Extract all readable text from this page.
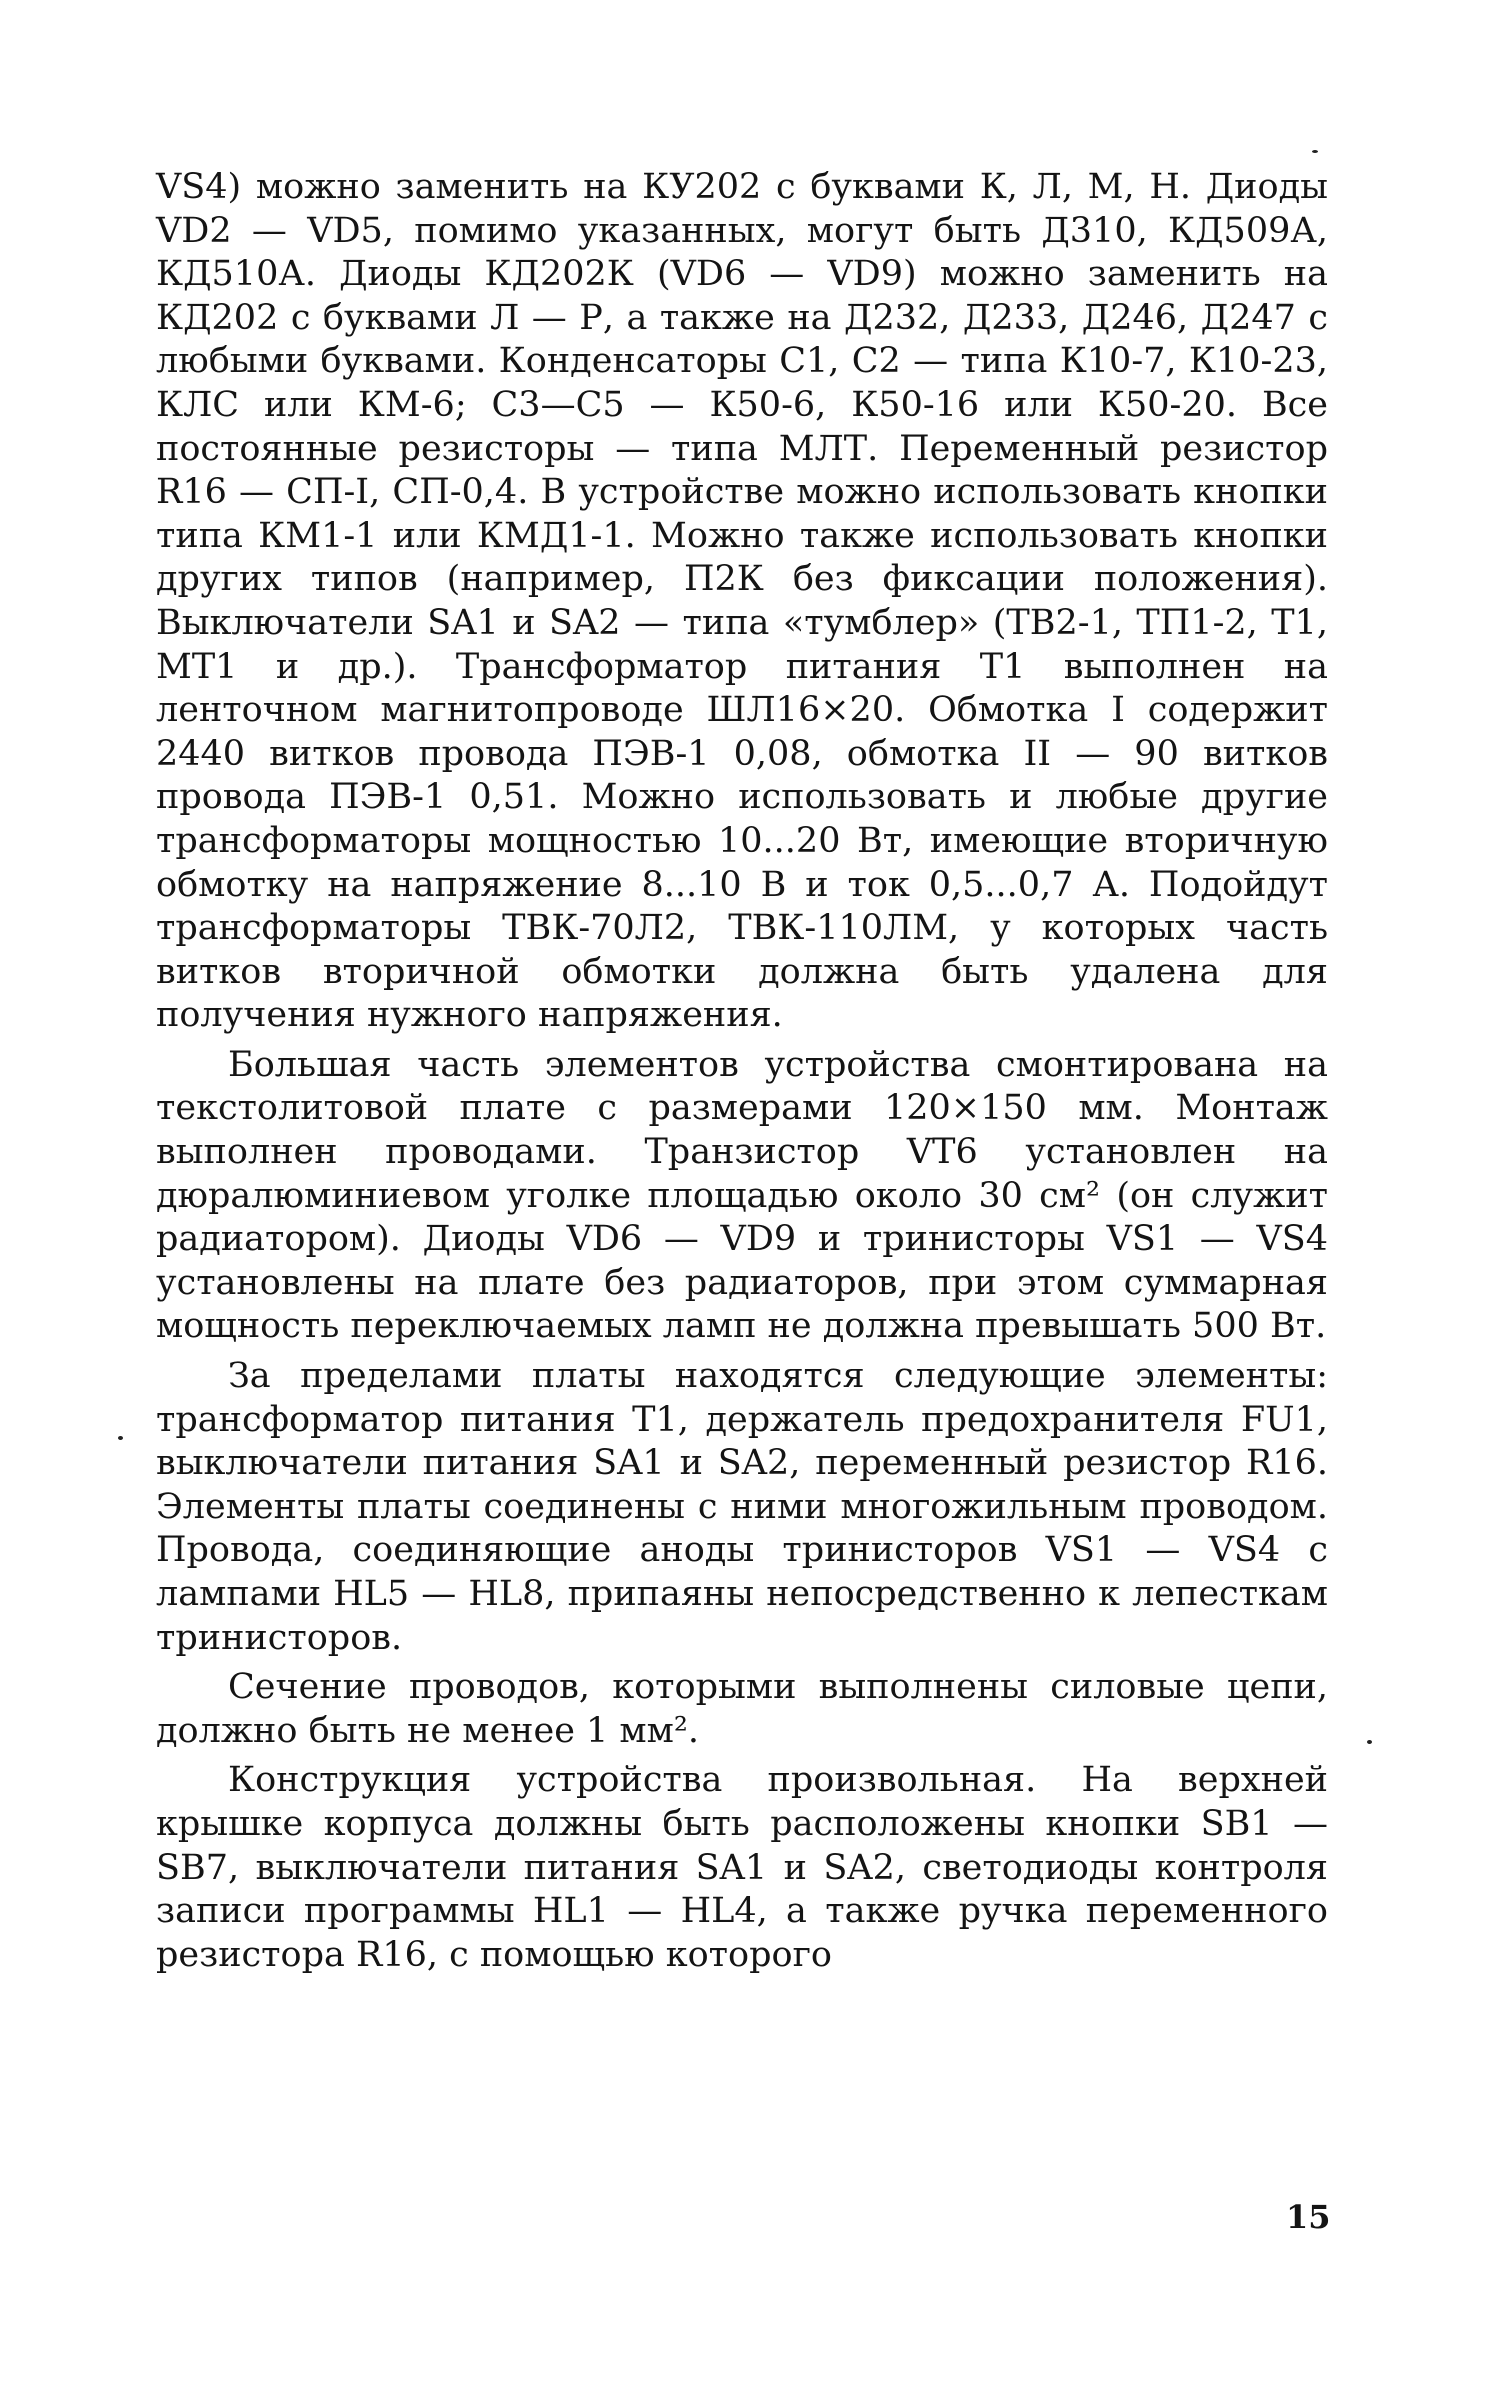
VS4) можно заменить на КУ202 с буквами К, Л, М, Н. Диоды VD2 — VD5, помимо указанных, могут быть Д310, КД509А, КД510А. Диоды КД202К (VD6 — VD9) можно заменить на КД202 с буквами Л — Р, а также на Д232, Д233, Д246, Д247 с любыми буквами. Конденсаторы С1, С2 — типа К10-7, К10-23, КЛС или КМ-6; С3—С5 — К50-6, К50-16 или К50-20. Все постоянные резисторы — типа МЛТ. Переменный резистор R16 — СП-I, СП-0,4. В устройстве можно использовать кнопки типа КМ1-1 или КМД1-1. Можно также использовать кнопки других типов (например, П2К без фиксации положения). Выключатели SA1 и SA2 — типа «тумблер» (ТВ2-1, ТП1-2, Т1, МТ1 и др.). Трансформатор питания Т1 выполнен на ленточном магнитопроводе ШЛ16×20. Обмотка I содержит 2440 витков провода ПЭВ-1 0,08, обмотка II — 90 витков провода ПЭВ-1 0,51. Можно использовать и любые другие трансформаторы мощностью 10...20 Вт, имеющие вторичную обмотку на напряжение 8...10 В и ток 0,5...0,7 А. Подойдут трансформаторы ТВК-70Л2, ТВК-110ЛМ, у которых часть витков вторичной обмотки должна быть удалена для получения нужного напряжения.

Большая часть элементов устройства смонтирована на текстолитовой плате с размерами 120×150 мм. Монтаж выполнен проводами. Транзистор VT6 установлен на дюралюминиевом уголке площадью около 30 см² (он служит радиатором). Диоды VD6 — VD9 и тринисторы VS1 — VS4 установлены на плате без радиаторов, при этом суммарная мощность переключаемых ламп не должна превышать 500 Вт.

За пределами платы находятся следующие элементы: трансформатор питания Т1, держатель предохранителя FU1, выключатели питания SA1 и SA2, переменный резистор R16. Элементы платы соединены с ними многожильным проводом. Провода, соединяющие аноды тринисторов VS1 — VS4 с лампами HL5 — HL8, припаяны непосредственно к лепесткам тринисторов.

Сечение проводов, которыми выполнены силовые цепи, должно быть не менее 1 мм².

Конструкция устройства произвольная. На верхней крышке корпуса должны быть расположены кнопки SB1 — SB7, выключатели питания SA1 и SA2, светодиоды контроля записи программы HL1 — HL4, а также ручка переменного резистора R16, с помощью которого

15
